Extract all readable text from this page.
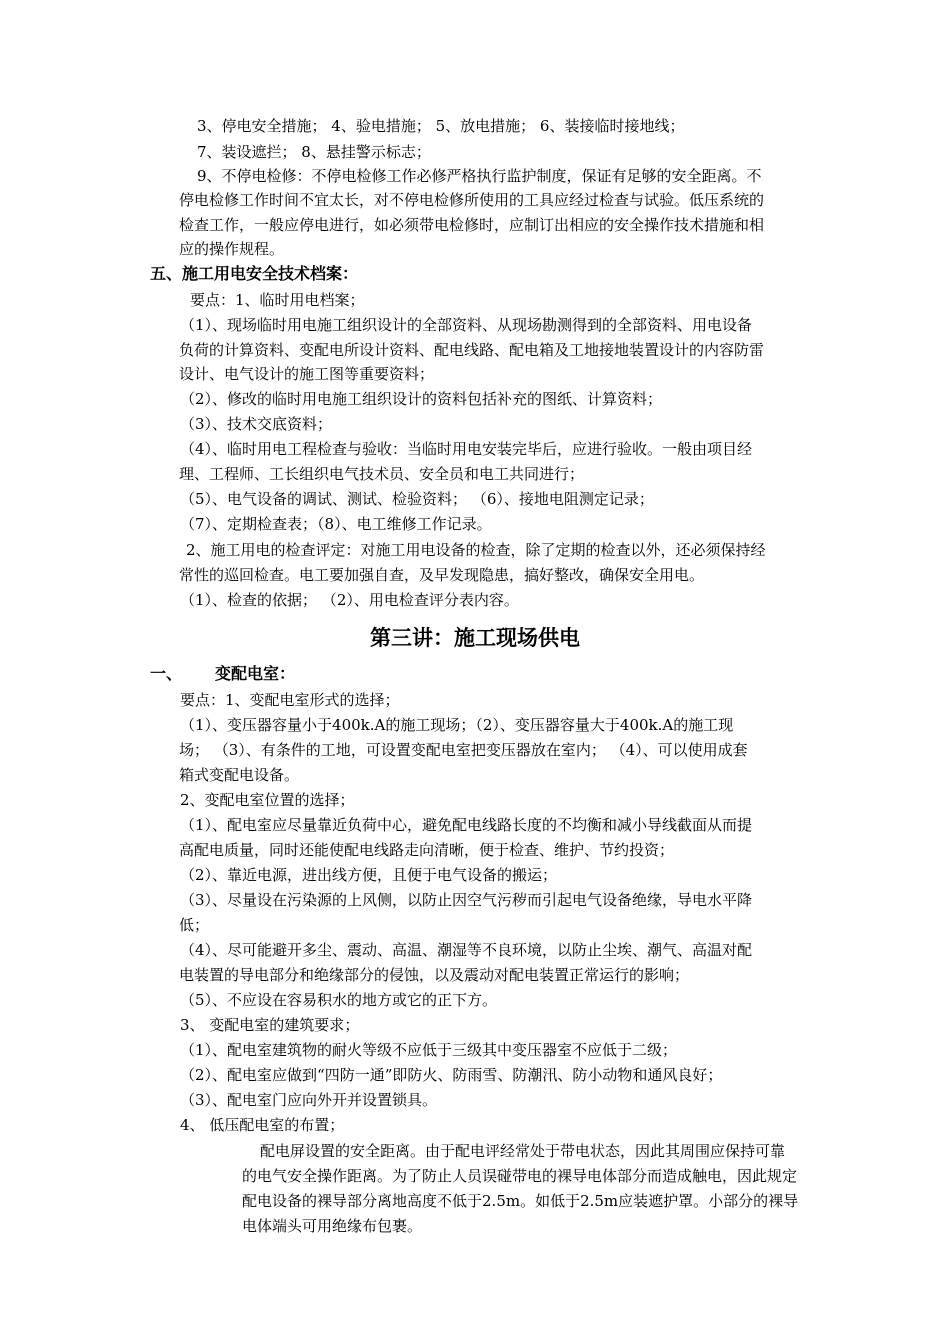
3、停电安全措施； 4、验电措施； 5、放电措施； 6、装接临时接地线；
7、装设遮拦； 8、悬挂警示标志；
9、不停电检修：不停电检修工作必修严格执行监护制度，保证有足够的安全距离。不
停电检修工作时间不宜太长，对不停电检修所使用的工具应经过检查与试验。低压系统的
检查工作，一般应停电进行，如必须带电检修时，应制订出相应的安全操作技术措施和相
应的操作规程。
五、施工用电安全技术档案：
要点：1、临时用电档案；
（1）、现场临时用电施工组织设计的全部资料、从现场勘测得到的全部资料、用电设备
负荷的计算资料、变配电所设计资料、配电线路、配电箱及工地接地装置设计的内容防雷
设计、电气设计的施工图等重要资料；
（2）、修改的临时用电施工组织设计的资料包括补充的图纸、计算资料；
（3）、技术交底资料；
（4）、临时用电工程检查与验收：当临时用电安装完毕后，应进行验收。一般由项目经
理、工程师、工长组织电气技术员、安全员和电工共同进行；
（5）、电气设备的调试、测试、检验资料； （6）、接地电阻测定记录；
（7）、定期检查表；（8）、电工维修工作记录。
2、施工用电的检查评定：对施工用电设备的检查，除了定期的检查以外，还必须保持经
常性的巡回检查。电工要加强自查，及早发现隐患，搞好整改，确保安全用电。
（1）、检查的依据； （2）、用电检查评分表内容。
第三讲：施工现场供电
一、 变配电室：
要点：1、变配电室形式的选择；
（1）、变压器容量小于400k.A的施工现场；（2）、变压器容量大于400k.A的施工现
场； （3）、有条件的工地，可设置变配电室把变压器放在室内； （4）、可以使用成套
箱式变配电设备。
2、变配电室位置的选择；
（1）、配电室应尽量靠近负荷中心，避免配电线路长度的不均衡和减小导线截面从而提
高配电质量，同时还能使配电线路走向清晰，便于检查、维护、节约投资；
（2）、靠近电源，进出线方便，且便于电气设备的搬运；
（3）、尽量设在污染源的上风侧，以防止因空气污秽而引起电气设备绝缘，导电水平降
低；
（4）、尽可能避开多尘、震动、高温、潮湿等不良环境，以防止尘埃、潮气、高温对配
电装置的导电部分和绝缘部分的侵蚀，以及震动对配电装置正常运行的影响；
（5）、不应设在容易积水的地方或它的正下方。
3、 变配电室的建筑要求；
（1）、配电室建筑物的耐火等级不应低于三级其中变压器室不应低于二级；
（2）、配电室应做到“四防一通”即防火、防雨雪、防潮汛、防小动物和通风良好；
（3）、配电室门应向外开并设置锁具。
4、 低压配电室的布置；
配电屏设置的安全距离。由于配电评经常处于带电状态，因此其周围应保持可靠
的电气安全操作距离。为了防止人员误碰带电的裸导电体部分而造成触电，因此规定
配电设备的裸导部分离地高度不低于2.5m。如低于2.5m应装遮护罩。小部分的裸导
电体端头可用绝缘布包裹。
